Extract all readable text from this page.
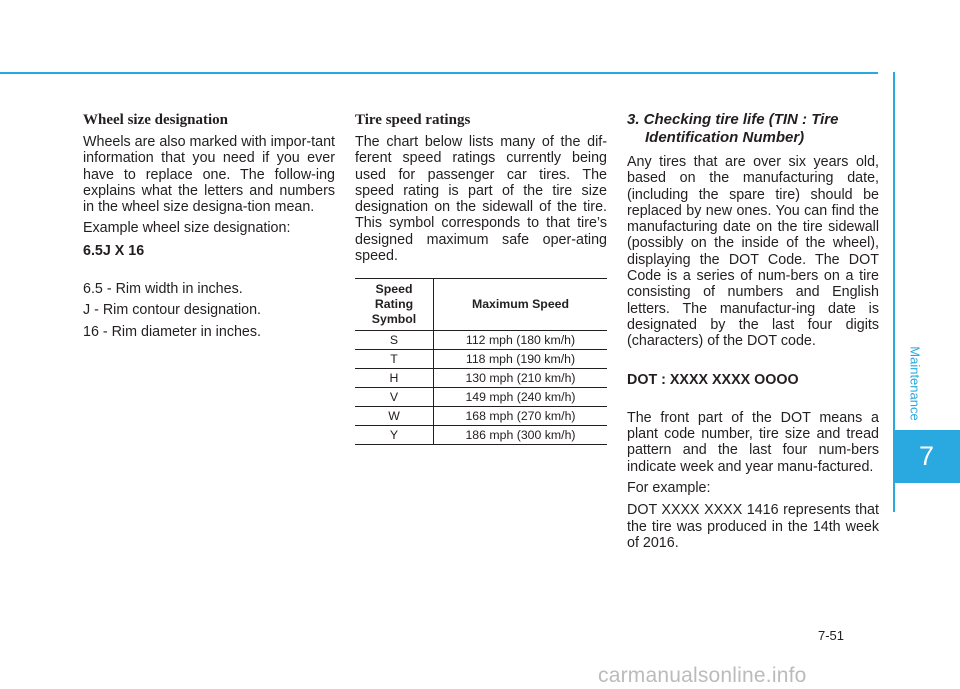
Maintenance
7
Wheel size designation

Wheels are also marked with impor-tant information that you need if you ever have to replace one. The follow-ing explains what the letters and numbers in the wheel size designa-tion mean.

Example wheel size designation:

6.5J X 16

6.5 - Rim width in inches.

J - Rim contour designation.

16 - Rim diameter in inches.

Tire speed ratings

The chart below lists many of the dif-ferent speed ratings currently being used for passenger car tires. The speed rating is part of the tire size designation on the sidewall of the tire. This symbol corresponds to that tire’s designed maximum safe oper-ating speed.

Speed
Rating
Symbol	Maximum Speed
S	112 mph (180 km/h)
T	118 mph (190 km/h)
H	130 mph (210 km/h)
V	149 mph (240 km/h)
W	168 mph (270 km/h)
Y	186 mph (300 km/h)
3. Checking tire life (TIN : Tire Identification Number)

Any tires that are over six years old, based on the manufacturing date, (including the spare tire) should be replaced by new ones. You can find the manufacturing date on the tire sidewall (possibly on the inside of the wheel), displaying the DOT Code. The DOT Code is a series of num-bers on a tire consisting of numbers and English letters. The manufactur-ing date is designated by the last four digits (characters) of the DOT code.

DOT : XXXX XXXX OOOO

The front part of the DOT means a plant code number, tire size and tread pattern and the last four num-bers indicate week and year manu-factured.

For example:

DOT XXXX XXXX 1416 represents that the tire was produced in the 14th week of 2016.

7-51
carmanualsonline.info
